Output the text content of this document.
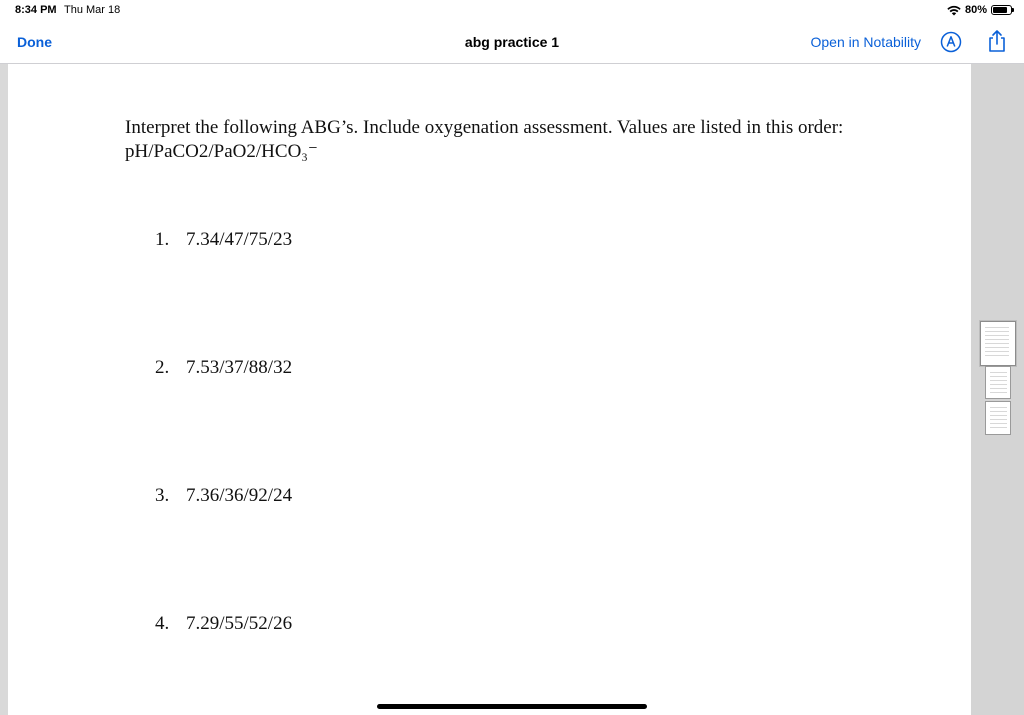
8:34 PM Thu Mar 18	80%
Done	abg practice 1	Open in Notability
Interpret the following ABG’s. Include oxygenation assessment. Values are listed in this order:
pH/PaCO2/PaO2/HCO₃⁻
1. 7.34/47/75/23
2. 7.53/37/88/32
3. 7.36/36/92/24
4. 7.29/55/52/26
